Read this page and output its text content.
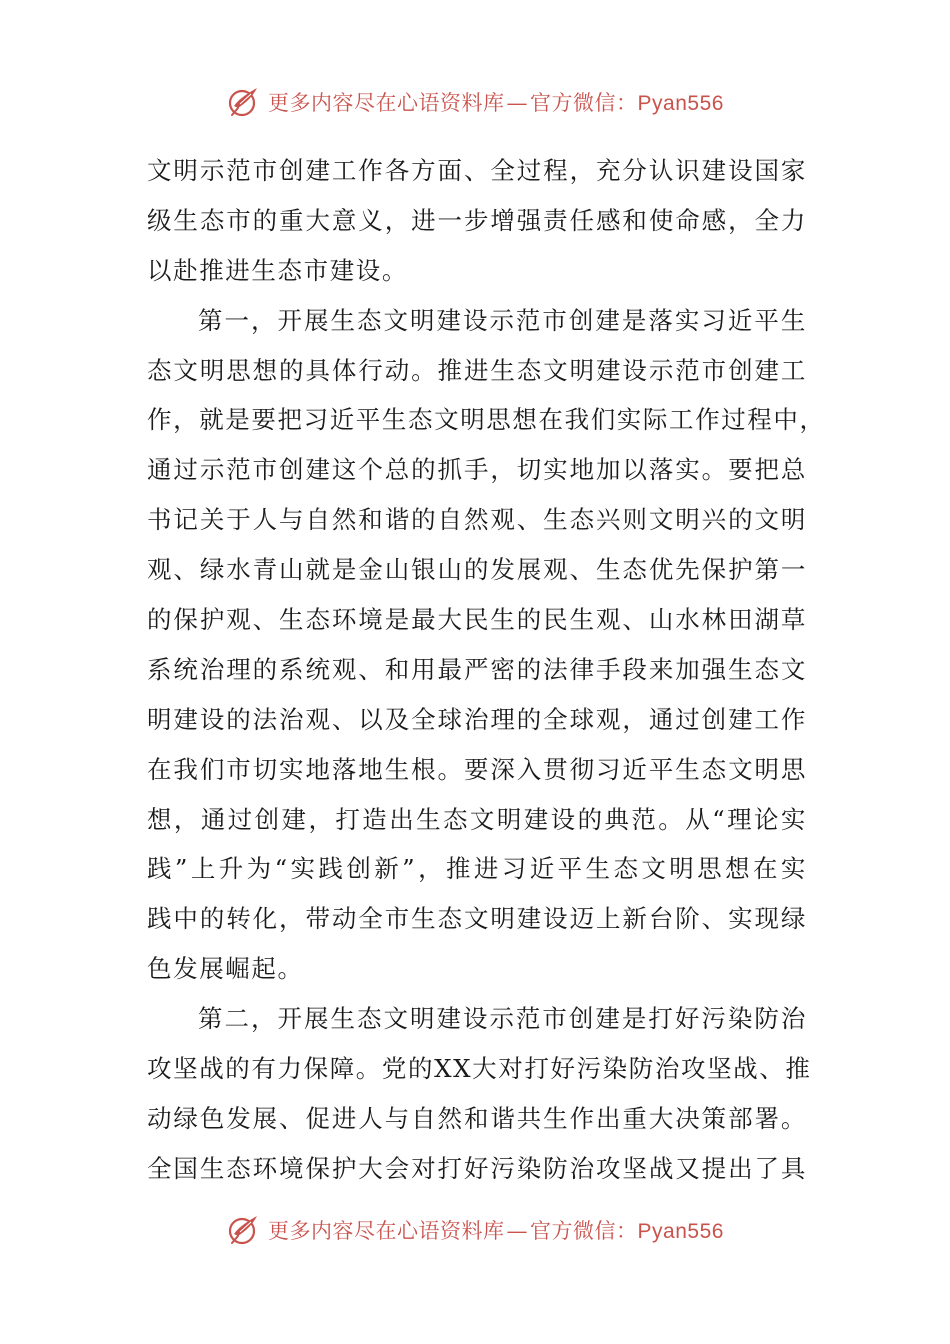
更多内容尽在心语资料库—官方微信：Pyan556
文明示范市创建工作各方面、全过程，充分认识建设国家
级生态市的重大意义，进一步增强责任感和使命感，全力
以赴推进生态市建设。
第一，开展生态文明建设示范市创建是落实习近平生
态文明思想的具体行动。推进生态文明建设示范市创建工
作，就是要把习近平生态文明思想在我们实际工作过程中，
通过示范市创建这个总的抓手，切实地加以落实。要把总
书记关于人与自然和谐的自然观、生态兴则文明兴的文明
观、绿水青山就是金山银山的发展观、生态优先保护第一
的保护观、生态环境是最大民生的民生观、山水林田湖草
系统治理的系统观、和用最严密的法律手段来加强生态文
明建设的法治观、以及全球治理的全球观，通过创建工作
在我们市切实地落地生根。要深入贯彻习近平生态文明思
想，通过创建，打造出生态文明建设的典范。从“理论实
践”上升为“实践创新”，推进习近平生态文明思想在实
践中的转化，带动全市生态文明建设迈上新台阶、实现绿
色发展崛起。
第二，开展生态文明建设示范市创建是打好污染防治
攻坚战的有力保障。党的XX大对打好污染防治攻坚战、推
动绿色发展、促进人与自然和谐共生作出重大决策部署。
全国生态环境保护大会对打好污染防治攻坚战又提出了具
更多内容尽在心语资料库—官方微信：Pyan556
